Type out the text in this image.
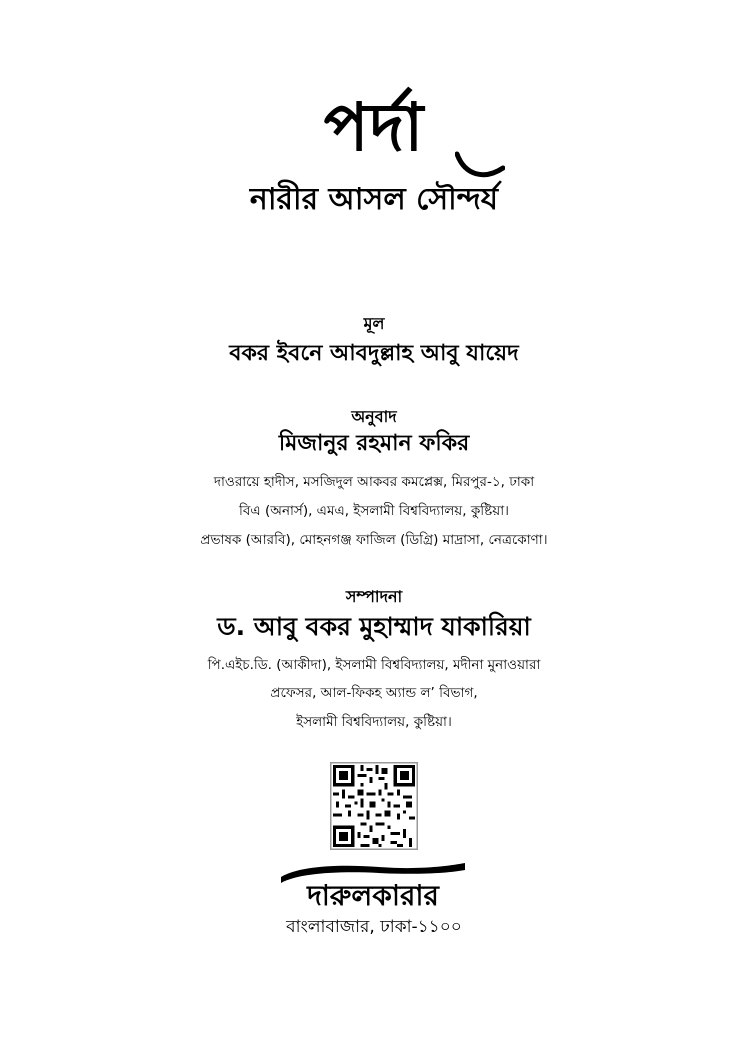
পর্দা
নারীর আসল সৌন্দর্য
মূল
বকর ইবনে আবদুল্লাহ আবু যায়েদ
অনুবাদ
মিজানুর রহমান ফকির
দাওরায়ে হাদীস, মসজিদুল আকবর কমপ্লেক্স, মিরপুর-১, ঢাকা
বিএ (অনার্স), এমএ, ইসলামী বিশ্ববিদ্যালয়, কুষ্টিয়া।
প্রভাষক (আরবি), মোহনগঞ্জ ফাজিল (ডিগ্রি) মাদ্রাসা, নেত্রকোণা।
সম্পাদনা
ড. আবু বকর মুহাম্মাদ যাকারিয়া
পি.এইচ.ডি. (আকীদা), ইসলামী বিশ্ববিদ্যালয়, মদীনা মুনাওয়ারা
প্রফেসর, আল-ফিকহ অ্যান্ড ল’ বিভাগ,
ইসলামী বিশ্ববিদ্যালয়, কুষ্টিয়া।
দারুলকারার
বাংলাবাজার, ঢাকা-১১০০
